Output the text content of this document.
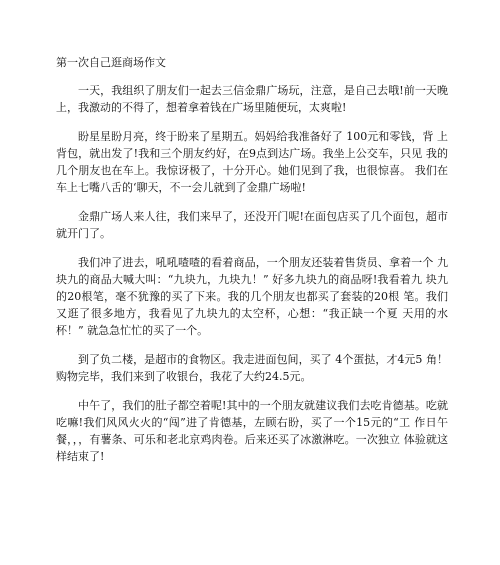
第一次自己逛商场作文

一天，我组织了朋友们一起去三信金鼎广场玩，注意，是自己去哦!前一天晚上，我激动的不得了，想着拿着钱在广场里随便玩，太爽啦!

盼星星盼月亮，终于盼来了星期五。妈妈给我准备好了 100元和零钱，背 上背包，就出发了!我和三个朋友约好，在9点到达广场。我坐上公交车，只见 我的几个朋友也在车上。我惊讶极了，十分开心。她们见到了我，也很惊喜。 我们在车上七嘴八舌的‘聊天，不一会儿就到了金鼎广场啦!

金鼎广场人来人往，我们来早了，还没开门呢!在面包店买了几个面包，超市就开门了。

我们冲了进去，吼吼喳喳的看着商品，一个朋友还装着售货员、拿着一个 九块九的商品大喊大叫：“九块九，九块九！” 好多九块九的商品呀!我看着九 块九的20根笔，毫不犹豫的买了下来。我的几个朋友也都买了套装的20根 笔。我们又逛了很多地方，我看见了九块九的太空杯，心想：“我正缺一个夏 天用的水杯！” 就急急忙忙的买了一个。

到了负二楼，是超市的食物区。我走进面包间，买了 4个蛋挞，才4元5 角！购物完毕，我们来到了收银台，我花了大约24.5元。

中午了，我们的肚子都空着呢!其中的一个朋友就建议我们去吃肯德基。吃就吃嘛!我们风风火火的“闯”进了肯德基，左顾右盼，买了一个15元的“工 作日午餐，，，有薯条、可乐和老北京鸡肉卷。后来还买了冰激淋吃。一次独立 体验就这样结束了!
